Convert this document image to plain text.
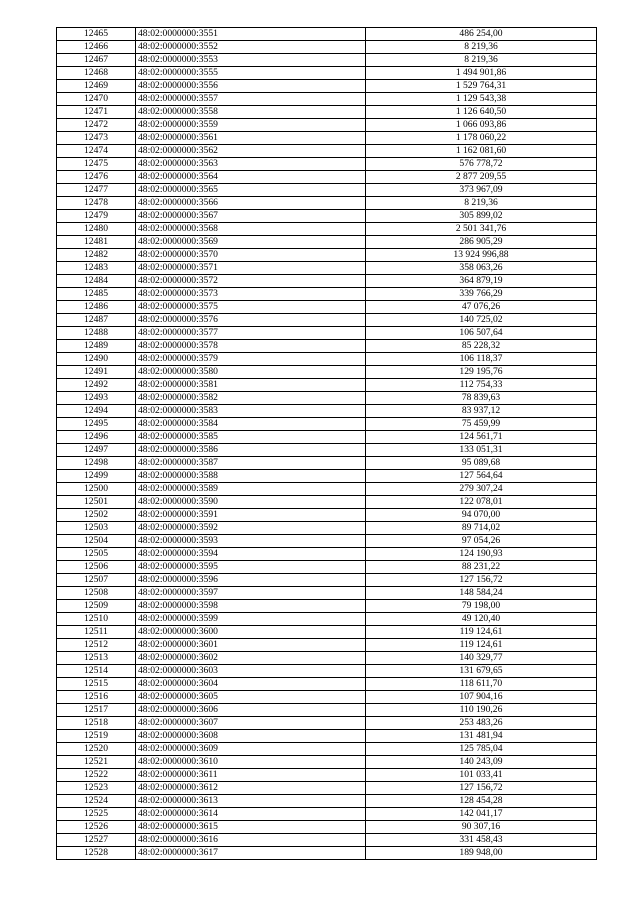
12465	48:02:0000000:3551	486 254,00
12466	48:02:0000000:3552	8 219,36
12467	48:02:0000000:3553	8 219,36
12468	48:02:0000000:3555	1 494 901,86
12469	48:02:0000000:3556	1 529 764,31
12470	48:02:0000000:3557	1 129 543,38
12471	48:02:0000000:3558	1 126 640,50
12472	48:02:0000000:3559	1 066 093,86
12473	48:02:0000000:3561	1 178 060,22
12474	48:02:0000000:3562	1 162 081,60
12475	48:02:0000000:3563	576 778,72
12476	48:02:0000000:3564	2 877 209,55
12477	48:02:0000000:3565	373 967,09
12478	48:02:0000000:3566	8 219,36
12479	48:02:0000000:3567	305 899,02
12480	48:02:0000000:3568	2 501 341,76
12481	48:02:0000000:3569	286 905,29
12482	48:02:0000000:3570	13 924 996,88
12483	48:02:0000000:3571	358 063,26
12484	48:02:0000000:3572	364 879,19
12485	48:02:0000000:3573	339 766,29
12486	48:02:0000000:3575	47 076,26
12487	48:02:0000000:3576	140 725,02
12488	48:02:0000000:3577	106 507,64
12489	48:02:0000000:3578	85 228,32
12490	48:02:0000000:3579	106 118,37
12491	48:02:0000000:3580	129 195,76
12492	48:02:0000000:3581	112 754,33
12493	48:02:0000000:3582	78 839,63
12494	48:02:0000000:3583	83 937,12
12495	48:02:0000000:3584	75 459,99
12496	48:02:0000000:3585	124 561,71
12497	48:02:0000000:3586	133 051,31
12498	48:02:0000000:3587	95 089,68
12499	48:02:0000000:3588	127 564,64
12500	48:02:0000000:3589	279 307,24
12501	48:02:0000000:3590	122 078,01
12502	48:02:0000000:3591	94 070,00
12503	48:02:0000000:3592	89 714,02
12504	48:02:0000000:3593	97 054,26
12505	48:02:0000000:3594	124 190,93
12506	48:02:0000000:3595	88 231,22
12507	48:02:0000000:3596	127 156,72
12508	48:02:0000000:3597	148 584,24
12509	48:02:0000000:3598	79 198,00
12510	48:02:0000000:3599	49 120,40
12511	48:02:0000000:3600	119 124,61
12512	48:02:0000000:3601	119 124,61
12513	48:02:0000000:3602	140 329,77
12514	48:02:0000000:3603	131 679,65
12515	48:02:0000000:3604	118 611,70
12516	48:02:0000000:3605	107 904,16
12517	48:02:0000000:3606	110 190,26
12518	48:02:0000000:3607	253 483,26
12519	48:02:0000000:3608	131 481,94
12520	48:02:0000000:3609	125 785,04
12521	48:02:0000000:3610	140 243,09
12522	48:02:0000000:3611	101 033,41
12523	48:02:0000000:3612	127 156,72
12524	48:02:0000000:3613	128 454,28
12525	48:02:0000000:3614	142 041,17
12526	48:02:0000000:3615	90 307,16
12527	48:02:0000000:3616	331 458,43
12528	48:02:0000000:3617	189 948,00
